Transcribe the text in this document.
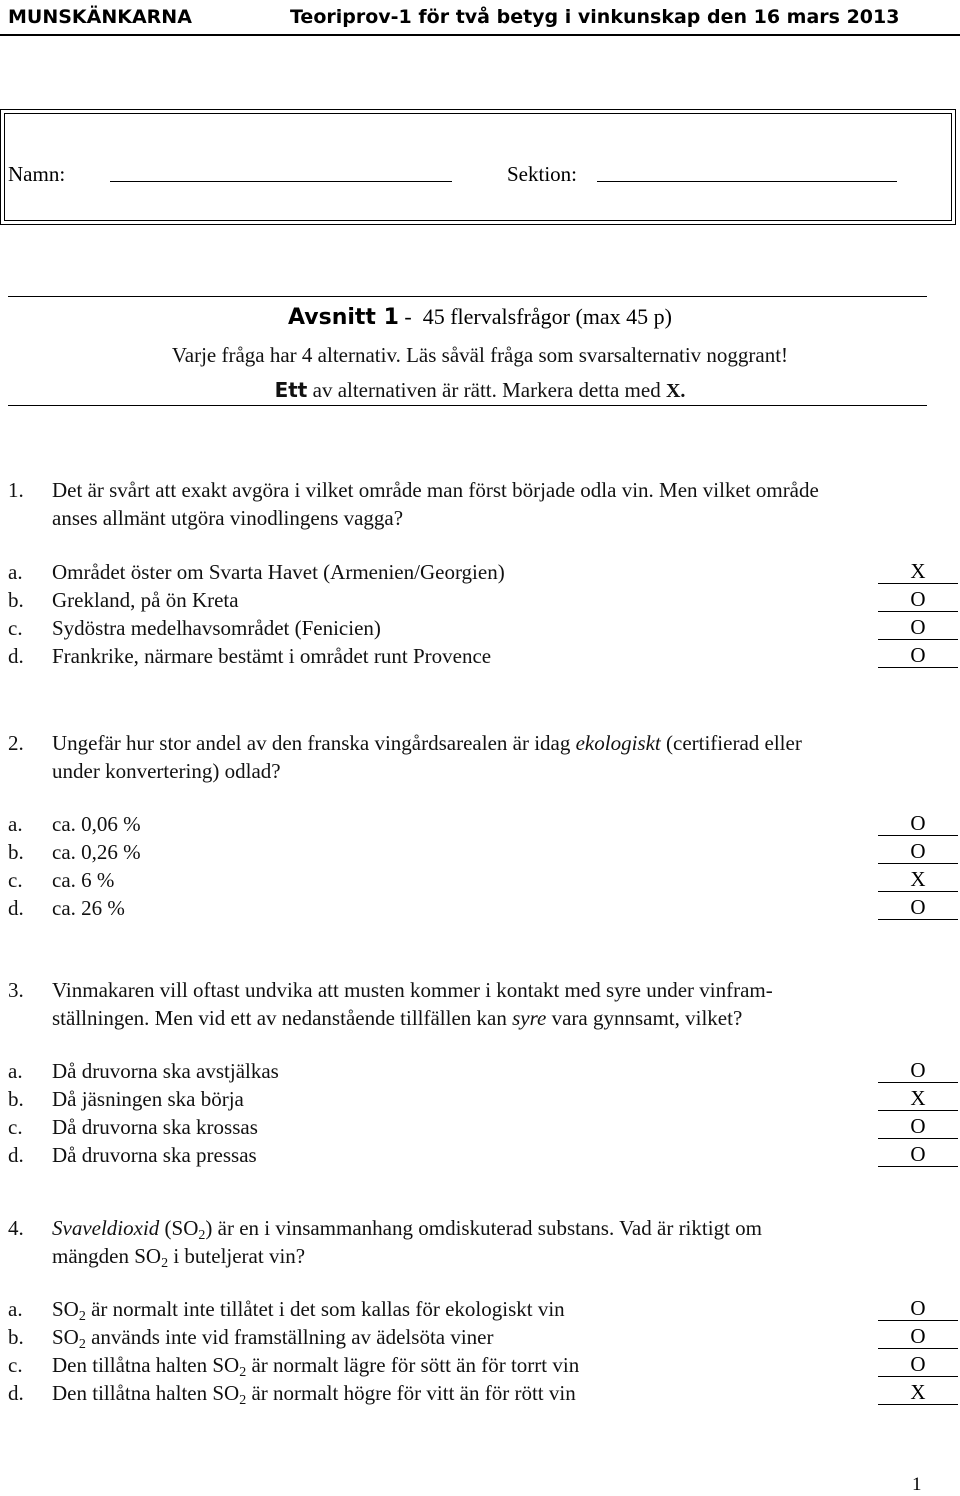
MUNSKÄNKARNA	Teoriprov-1 för två betyg i vinkunskap den 16 mars 2013
Namn:	Sektion:
Avsnitt 1 -  45 flervalsfrågor (max 45 p)
Varje fråga har 4 alternativ. Läs såväl fråga som svarsalternativ noggrant!
Ett av alternativen är rätt. Markera detta med X.
1. Det är svårt att exakt avgöra i vilket område man först började odla vin. Men vilket område
anses allmänt utgöra vinodlingens vagga?
a. Området öster om Svarta Havet (Armenien/Georgien)	X
b. Grekland, på ön Kreta	O
c. Sydöstra medelhavsområdet (Fenicien)	O
d. Frankrike, närmare bestämt i området runt Provence	O
2. Ungefär hur stor andel av den franska vingårdsarealen är idag ekologiskt (certifierad eller
under konvertering) odlad?
a. ca. 0,06 %	O
b. ca. 0,26 %	O
c. ca. 6 %	X
d. ca. 26 %	O
3. Vinmakaren vill oftast undvika att musten kommer i kontakt med syre under vinfram-
ställningen. Men vid ett av nedanstående tillfällen kan syre vara gynnsamt, vilket?
a. Då druvorna ska avstjälkas	O
b. Då jäsningen ska börja	X
c. Då druvorna ska krossas	O
d. Då druvorna ska pressas	O
4. Svaveldioxid $(SO_2)$ är en i vinsammanhang omdiskuterad substans. Vad är riktigt om
mängden $SO_2$ i buteljerat vin?
a. $SO_2$ är normalt inte tillåtet i det som kallas för ekologiskt vin	O
b. $SO_2$ används inte vid framställning av ädelsöta viner	O
c. Den tillåtna halten $SO_2$ är normalt lägre för sött än för torrt vin	O
d. Den tillåtna halten $SO_2$ är normalt högre för vitt än för rött vin	X
1
